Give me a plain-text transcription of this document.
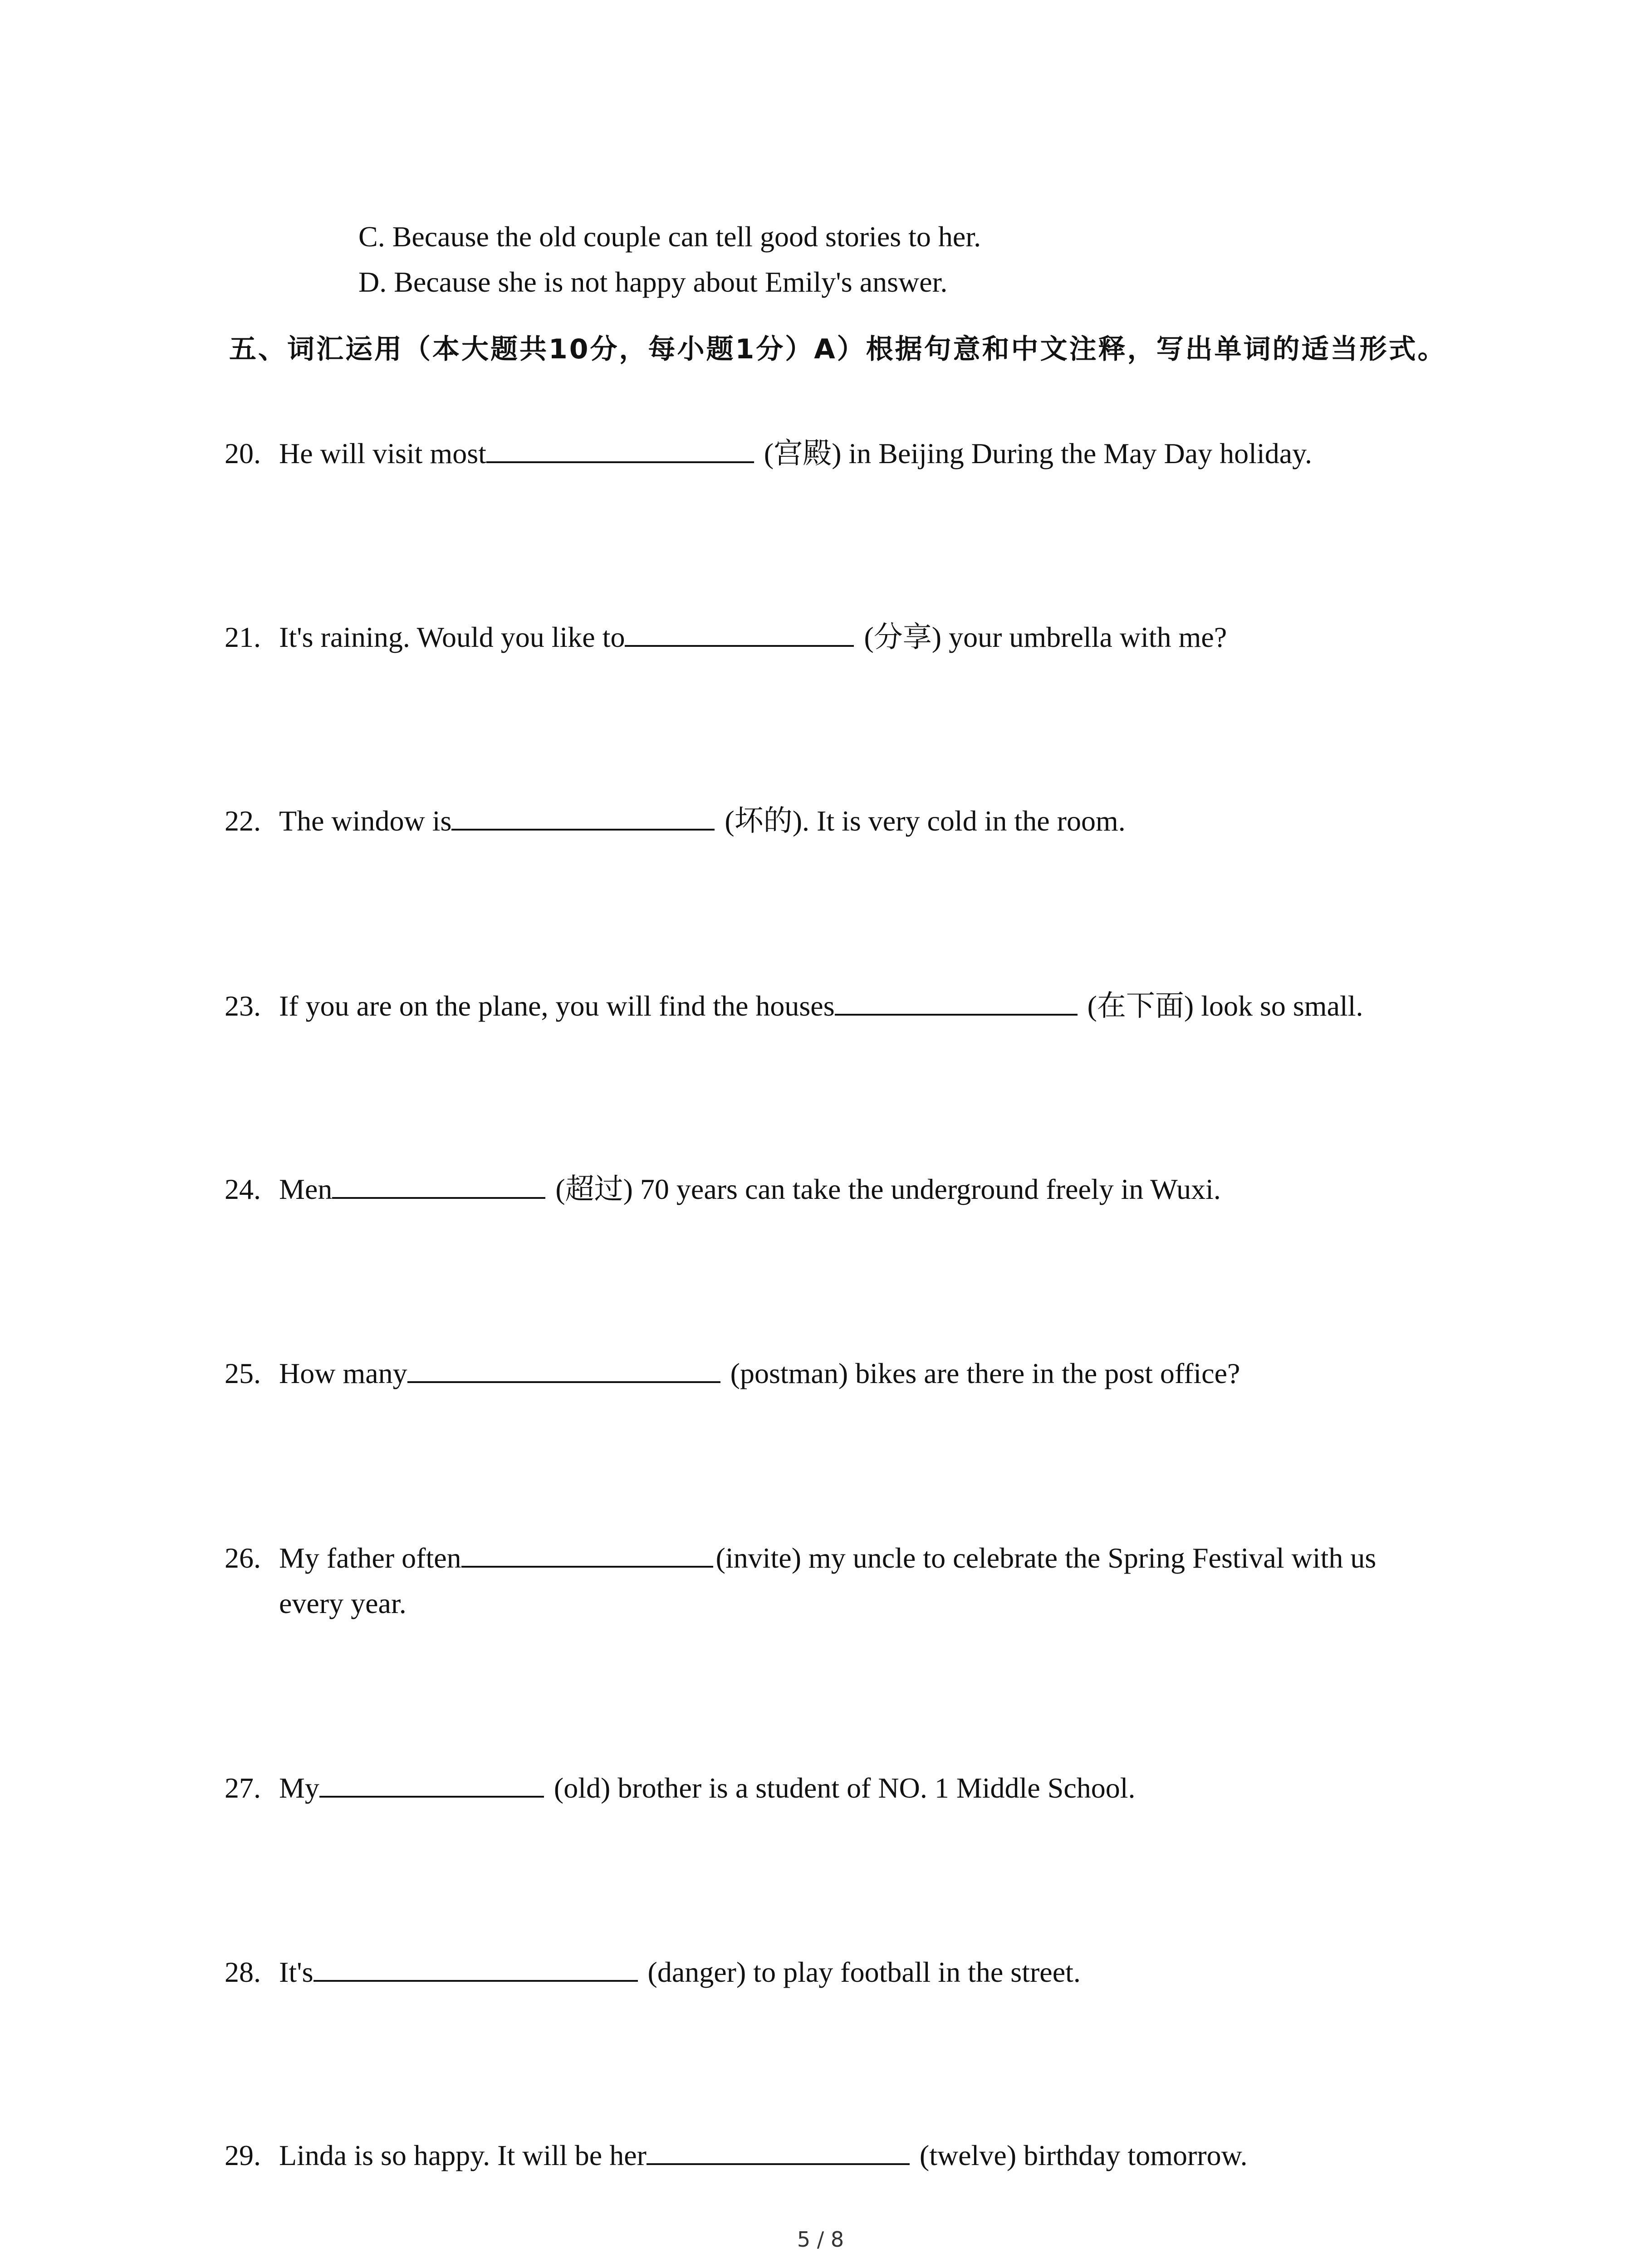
C. Because the old couple can tell good stories to her.
D. Because she is not happy about Emily's answer.
五、词汇运用（本大题共10分，每小题1分）A）根据句意和中文注释，写出单词的适当形式。
20. He will visit most	(宫殿) in Beijing During the May Day holiday.
21. It's raining. Would you like to	(分享) your umbrella with me?
22. The window is	(坏的). It is very cold in the room.
23. If you are on the plane, you will find the houses	(在下面) look so small.
24. Men	(超过) 70 years can take the underground freely in Wuxi.
25. How many	(postman) bikes are there in the post office?
26. My father often	(invite) my uncle to celebrate the Spring Festival with us
every year.
27. My	(old) brother is a student of NO. 1 Middle School.
28. It's	(danger) to play football in the street.
29. Linda is so happy. It will be her	(twelve) birthday tomorrow.
5 / 8
